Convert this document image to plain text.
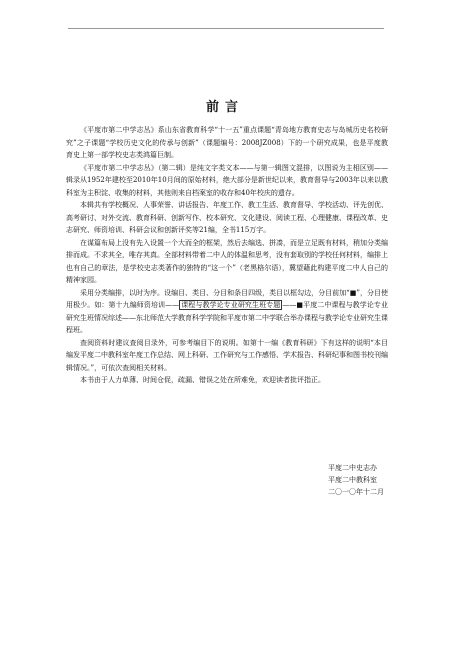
前言

《平度市第二中学志丛》系山东省教育科学“十一五”重点课题“青岛地方教育史志与岛城历史名校研究”之子课题“学校历史文化的传承与创新”（课题编号：2008JZ008）下的一个研究成果，也是平度教育史上第一部学校史志类鸿篇巨制。

《平度市第二中学志丛》（第二辑）是纯文字类文本——与第一辑图文混排，以图说为主相区别——辑录从1952年建校至2010年10月间的原始材料，绝大部分是新世纪以来，教育督导与2003年以来以教科室为主积淀、收集的材料，其他则来自档案室的收存和40年校庆的遗存。

本辑共有学校概况、人事荣誉、讲话报告、年度工作、教工生活、教育督导、学校活动、评先创优、高考研讨、对外交流、教育科研、创新写作、校本研究、文化建设、阅读工程、心理健康、课程改革、史志研究、师资培训、科研会议和创新评奖等21编，全书115万字。

在谋篇布局上没有先入设置一个大而全的框架，然后去编选、拼凑，而是立足既有材料，稍加分类编排而成。不求其全，唯存其真。全部材料带着二中人的体温和思考，没有套取别的学校任何材料，编排上也有自己的章法，是学校史志类著作的独特的“这一个”（老黑格尔语），冀望藉此构建平度二中人自己的精神家园。

采用分类编排，以时为序。设编目、类目、分目和条目四级，类目以框勾边，分目前加“■”，分目使用极少。如：第十九编师资培训—— 课程与教学论专业研究生班专题 ——■平度二中课程与教学论专业研究生班情况综述——东北师范大学教育科学学院和平度市第二中学联合举办课程与教学论专业研究生课程班。

查阅资料时建议查阅目录外，可参考编目下的说明。如第十一编《教育科研》下有这样的说明“本目编发平度二中教科室年度工作总结、网上科研、工作研究与工作感悟、学术报告、科研纪事和图书校刊编辑情况。”，可依次查阅相关材料。

本书由于人力单薄、时间仓促，疏漏、错误之处在所难免，欢迎读者批评指正。

平度二中史志办
平度二中教科室
二〇一〇年十二月
